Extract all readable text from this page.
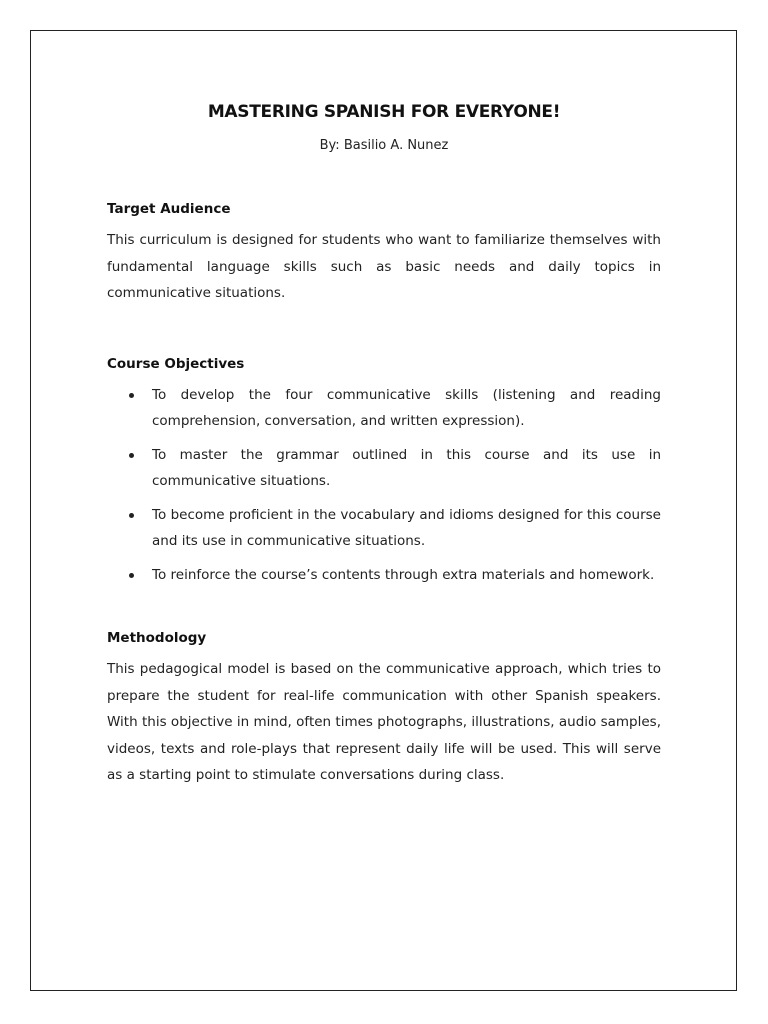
MASTERING SPANISH FOR EVERYONE!

By: Basilio A. Nunez

Target Audience

This curriculum is designed for students who want to familiarize themselves with fundamental language skills such as basic needs and daily topics in communicative situations.

Course Objectives
To develop the four communicative skills (listening and reading comprehension, conversation, and written expression).
To master the grammar outlined in this course and its use in communicative situations.
To become proficient in the vocabulary and idioms designed for this course and its use in communicative situations.
To reinforce the course’s contents through extra materials and homework.
Methodology

This pedagogical model is based on the communicative approach, which tries to prepare the student for real-life communication with other Spanish speakers. With this objective in mind, often times photographs, illustrations, audio samples, videos, texts and role-plays that represent daily life will be used. This will serve as a starting point to stimulate conversations during class.
